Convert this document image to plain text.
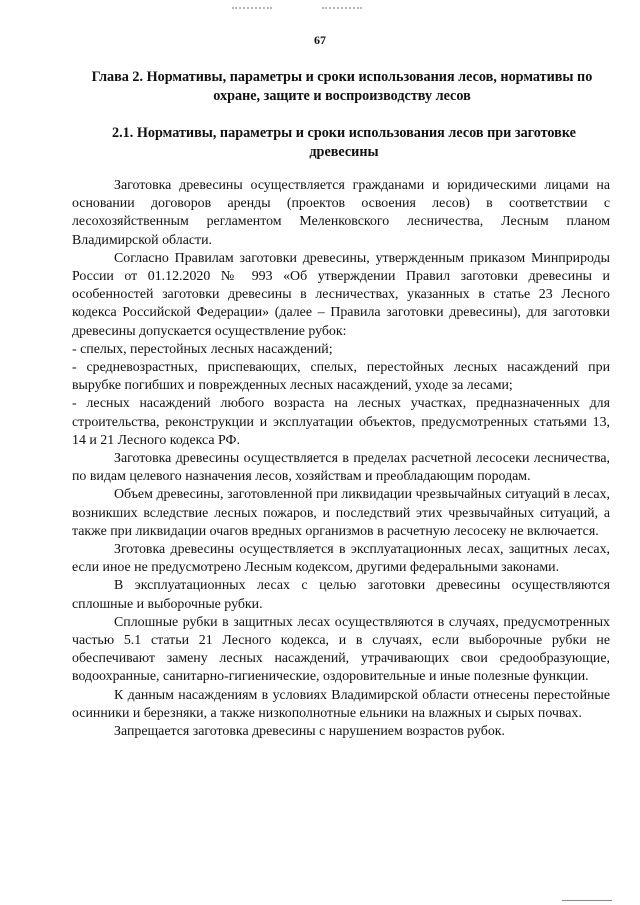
67
Глава 2. Нормативы, параметры и сроки использования лесов, нормативы по охране, защите и воспроизводству лесов
2.1. Нормативы, параметры и сроки использования лесов при заготовке древесины

Заготовка древесины осуществляется гражданами и юридическими лицами на основании договоров аренды (проектов освоения лесов) в соответствии с лесохозяйственным регламентом Меленковского лесничества, Лесным планом Владимирской области.

Согласно Правилам заготовки древесины, утвержденным приказом Минприроды России от 01.12.2020 № 993 «Об утверждении Правил заготовки древесины и особенностей заготовки древесины в лесничествах, указанных в статье 23 Лесного кодекса Российской Федерации» (далее – Правила заготовки древесины), для заготовки древесины допускается осуществление рубок:

- спелых, перестойных лесных насаждений;

- средневозрастных, приспевающих, спелых, перестойных лесных насаждений при вырубке погибших и поврежденных лесных насаждений, уходе за лесами;

- лесных насаждений любого возраста на лесных участках, предназначенных для строительства, реконструкции и эксплуатации объектов, предусмотренных статьями 13, 14 и 21 Лесного кодекса РФ.

Заготовка древесины осуществляется в пределах расчетной лесосеки лесничества, по видам целевого назначения лесов, хозяйствам и преобладающим породам.

Объем древесины, заготовленной при ликвидации чрезвычайных ситуаций в лесах, возникших вследствие лесных пожаров, и последствий этих чрезвычайных ситуаций, а также при ликвидации очагов вредных организмов в расчетную лесосеку не включается.

Зготовка древесины осуществляется в эксплуатационных лесах, защитных лесах, если иное не предусмотрено Лесным кодексом, другими федеральными законами.

В эксплуатационных лесах с целью заготовки древесины осуществляются сплошные и выборочные рубки.

Сплошные рубки в защитных лесах осуществляются в случаях, предусмотренных частью 5.1 статьи 21 Лесного кодекса, и в случаях, если выборочные рубки не обеспечивают замену лесных насаждений, утрачивающих свои средообразующие, водоохранные, санитарно-гигиенические, оздоровительные и иные полезные функции.

К данным насаждениям в условиях Владимирской области отнесены перестойные осинники и березняки, а также низкополнотные ельники на влажных и сырых почвах.

Запрещается заготовка древесины с нарушением возрастов рубок.
